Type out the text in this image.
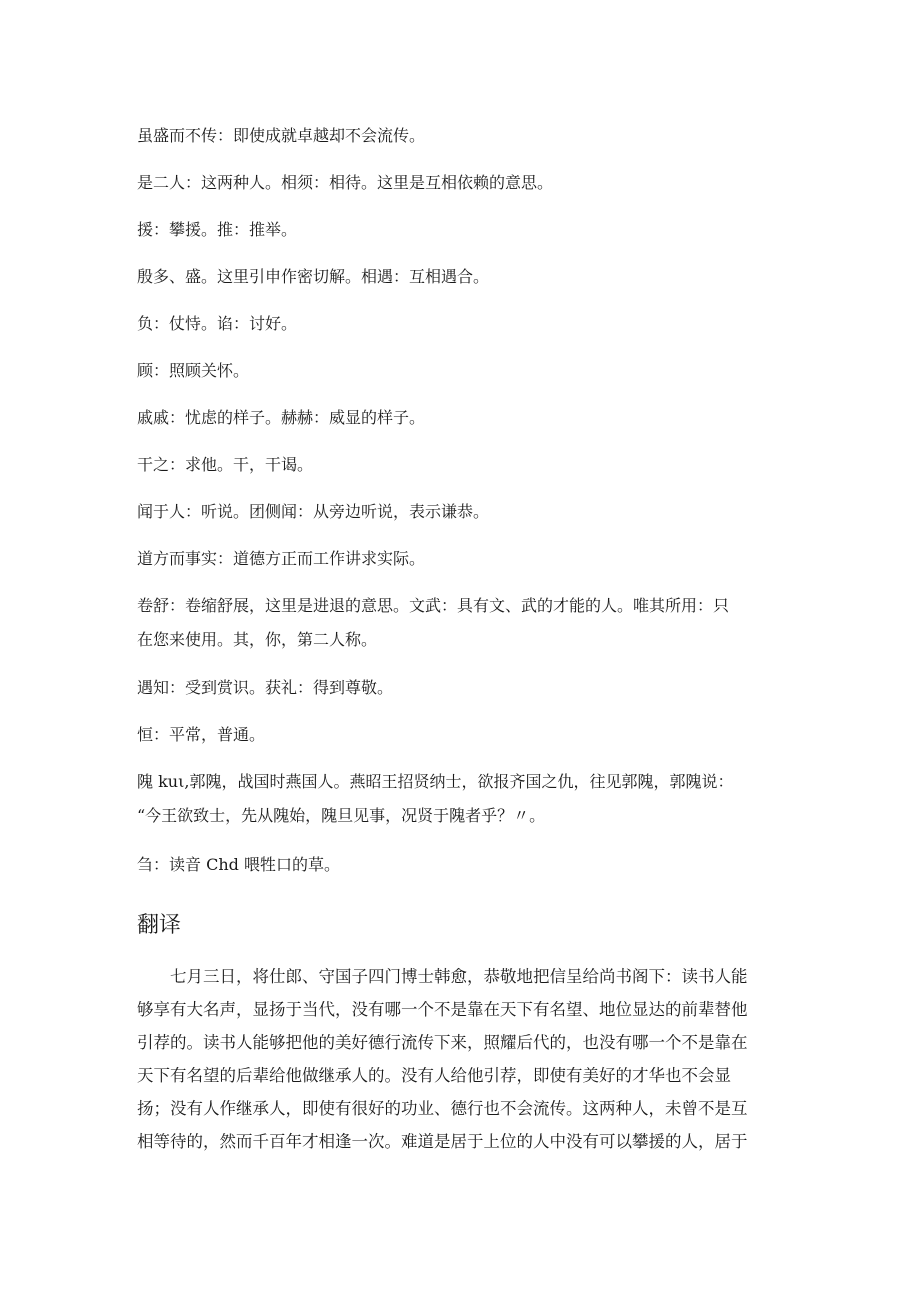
虽盛而不传：即使成就卓越却不会流传。
是二人：这两种人。相须：相待。这里是互相依赖的意思。
援：攀援。推：推举。
殷多、盛。这里引申作密切解。相遇：互相遇合。
负：仗恃。谄：讨好。
顾：照顾关怀。
戚戚：忧虑的样子。赫赫：威显的样子。
干之：求他。干，干谒。
闻于人：听说。团侧闻：从旁边听说，表示谦恭。
道方而事实：道德方正而工作讲求实际。
卷舒：卷缩舒展，这里是进退的意思。文武：具有文、武的才能的人。唯其所用：只
在您来使用。其，你，第二人称。
遇知：受到赏识。获礼：得到尊敬。
恒：平常，普通。
隗 kuι,郭隗，战国时燕国人。燕昭王招贤纳士，欲报齐国之仇，往见郭隗，郭隗说：
“今王欲致士，先从隗始，隗旦见事，况贤于隗者乎？〃。
刍：读音 Chd 喂牲口的草。
翻译
七月三日，将仕郎、守国子四门博士韩愈，恭敬地把信呈给尚书阁下：读书人能
够享有大名声，显扬于当代，没有哪一个不是靠在天下有名望、地位显达的前辈替他
引荐的。读书人能够把他的美好德行流传下来，照耀后代的，也没有哪一个不是靠在
天下有名望的后辈给他做继承人的。没有人给他引荐，即使有美好的才华也不会显
扬；没有人作继承人，即使有很好的功业、德行也不会流传。这两种人，未曾不是互
相等待的，然而千百年才相逢一次。难道是居于上位的人中没有可以攀援的人，居于
